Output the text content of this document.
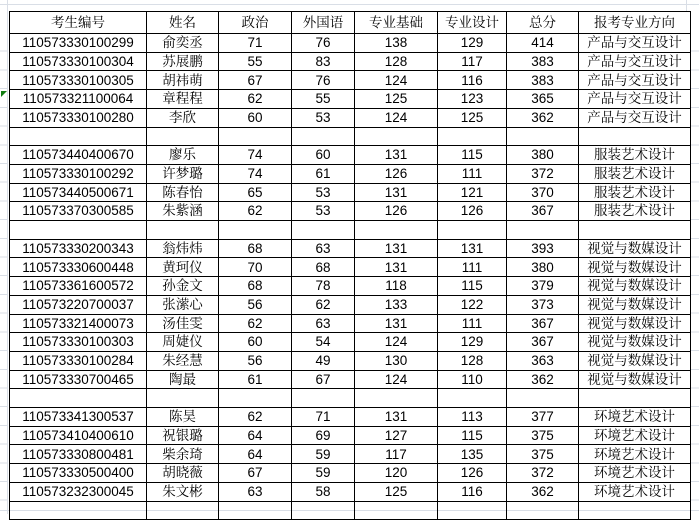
考生编号	姓名	政治	外国语	专业基础	专业设计	总分	报考专业方向
110573330100299	俞奕丞	71	76	138	129	414	产品与交互设计
110573330100304	苏展鹏	55	83	128	117	383	产品与交互设计
110573330100305	胡祎萌	67	76	124	116	383	产品与交互设计
110573321100064	章程程	62	55	125	123	365	产品与交互设计
110573330100280	李欣	60	53	124	125	362	产品与交互设计

110573440400670	廖乐	74	60	131	115	380	服装艺术设计
110573330100292	许梦璐	74	61	126	111	372	服装艺术设计
110573440500671	陈春怡	65	53	131	121	370	服装艺术设计
110573370300585	朱紫涵	62	53	126	126	367	服装艺术设计

110573330200343	翁炜炜	68	63	131	131	393	视觉与数媒设计
110573330600448	黄珂仪	70	68	131	111	380	视觉与数媒设计
110573361600572	孙金文	68	78	118	115	379	视觉与数媒设计
110573220700037	张潆心	56	62	133	122	373	视觉与数媒设计
110573321400073	汤佳雯	62	63	131	111	367	视觉与数媒设计
110573330100303	周婕仪	60	54	124	129	367	视觉与数媒设计
110573330100284	朱经慧	56	49	130	128	363	视觉与数媒设计
110573330700465	陶最	61	67	124	110	362	视觉与数媒设计

110573341300537	陈昊	62	71	131	113	377	环境艺术设计
110573410400610	祝银璐	64	69	127	115	375	环境艺术设计
110573330800481	柴余琦	64	59	117	135	375	环境艺术设计
110573330500400	胡晓薇	67	59	120	126	372	环境艺术设计
110573232300045	朱文彬	63	58	125	116	362	环境艺术设计
